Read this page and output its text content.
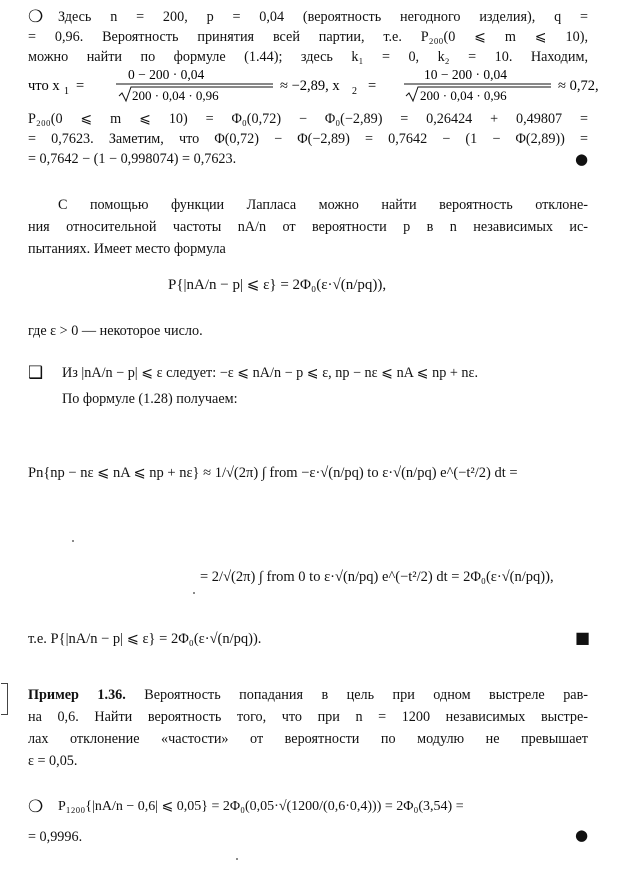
❍ Здесь n = 200, p = 0,04 (вероятность негодного изделия), q =
= 0,96. Вероятность принятия всей партии, т.е. P₂₀₀(0 ⩽ m ⩽ 10),
можно найти по формуле (1.44); здесь k₁ = 0, k₂ = 10. Находим,
что x 1 =
0 − 200 · 0,04
200 · 0,04 · 0,96
≈ −2,89, x 2 =
10 − 200 · 0,04
200 · 0,04 · 0,96
≈ 0,72,
P₂₀₀(0 ⩽ m ⩽ 10) = Φ₀(0,72) − Φ₀(−2,89) = 0,26424 + 0,49807 =
= 0,7623. Заметим, что Φ(0,72) − Φ(−2,89) = 0,7642 − (1 − Φ(2,89)) =
= 0,7642 − (1 − 0,998074) = 0,7623.	●
С помощью функции Лапласа можно найти вероятность отклоне-
ния относительной частоты nA/n от вероятности p в n независимых ис-
пытаниях. Имеет место формула
P{|nA/n − p| ⩽ ε} = 2Φ₀(ε·√(n/pq)),
где ε > 0 — некоторое число.
❑ Из |nA/n − p| ⩽ ε следует: −ε ⩽ nA/n − p ⩽ ε, np − nε ⩽ nA ⩽ np + nε.
По формуле (1.28) получаем:
Pn{np − nε ⩽ nA ⩽ np + nε} ≈ 1/√(2π) ∫ from −ε·√(n/pq) to ε·√(n/pq) e^(−t²/2) dt =
= 2/√(2π) ∫ from 0 to ε·√(n/pq) e^(−t²/2) dt = 2Φ₀(ε·√(n/pq)),
т.е. P{|nA/n − p| ⩽ ε} = 2Φ₀(ε·√(n/pq)).	■
Пример 1.36. Вероятность попадания в цель при одном выстреле рав-
на 0,6. Найти вероятность того, что при n = 1200 независимых выстре-
лах отклонение «частости» от вероятности по модулю не превышает
ε = 0,05.
❍ P₁₂₀₀{|nA/n − 0,6| ⩽ 0,05} = 2Φ₀(0,05·√(1200/(0,6·0,4))) = 2Φ₀(3,54) =
= 0,9996.	●
